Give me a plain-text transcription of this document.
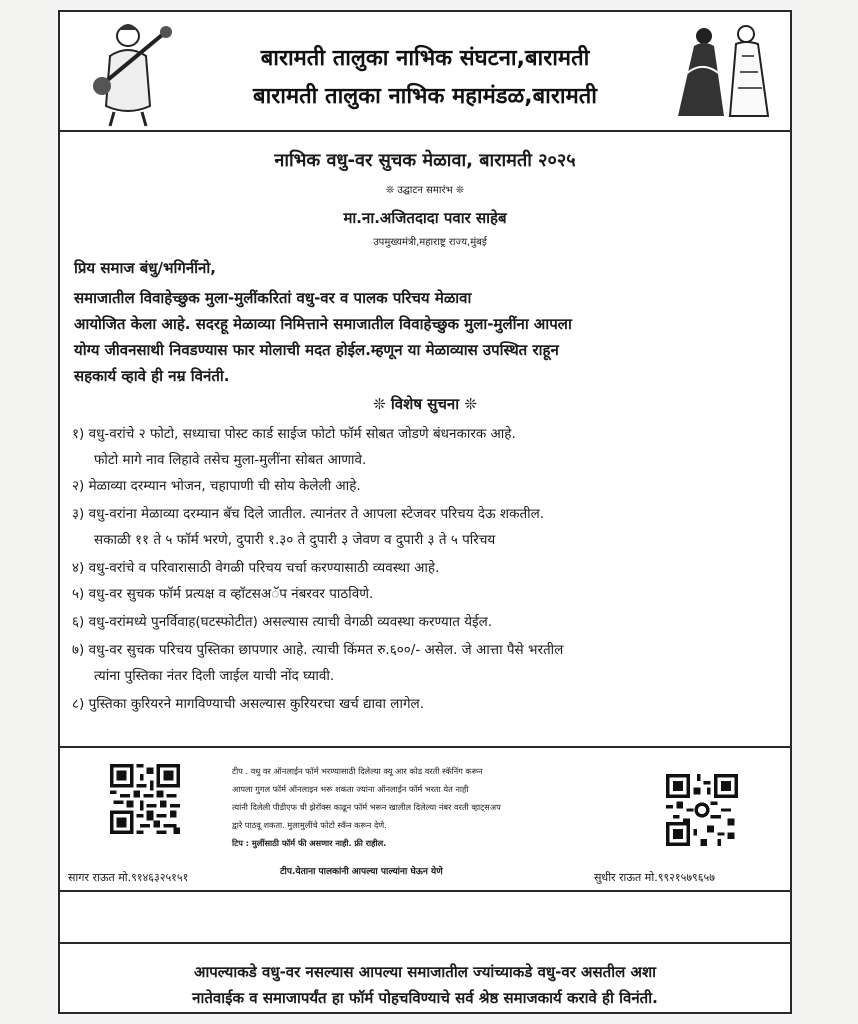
बारामती तालुका नाभिक संघटना,बारामती
बारामती तालुका नाभिक महामंडळ,बारामती
नाभिक वधु-वर सुचक मेळावा, बारामती २०२५
❊ उद्घाटन समारंभ ❊
मा.ना.अजितदादा पवार साहेब
उपमुख्यमंत्री,महाराष्ट्र राज्य,मुंबई
प्रिय समाज बंधु/भगिनींनो,
समाजातील विवाहेच्छुक मुला-मुलींकरितां वधु-वर व पालक परिचय मेळावा
आयोजित केला आहे. सदरहू मेळाव्या निमित्ताने समाजातील विवाहेच्छुक मुला-मुलींना आपला
योग्य जीवनसाथी निवडण्यास फार मोलाची मदत होईल.म्हणून या मेळाव्यास उपस्थित राहून
सहकार्य व्हावे ही नम्र विनंती.
❊ विशेष सुचना ❊
१) वधु-वरांचे २ फोटो, सध्याचा पोस्ट कार्ड साईज फोटो फॉर्म सोबत जोडणे बंधनकारक आहे.
फोटो मागे नाव लिहावे तसेच मुला-मुलींना सोबत आणावे.
२) मेळाव्या दरम्यान भोजन, चहापाणी ची सोय केलेली आहे.
३) वधु-वरांना मेळाव्या दरम्यान बॅच दिले जातील. त्यानंतर ते आपला स्टेजवर परिचय देऊ शकतील.
सकाळी ११ ते ५ फॉर्म भरणे, दुपारी १.३० ते दुपारी ३ जेवण व दुपारी ३ ते ५ परिचय
४) वधु-वरांचे व परिवारासाठी वेगळी परिचय चर्चा करण्यासाठी व्यवस्था आहे.
५) वधु-वर सुचक फॉर्म प्रत्यक्ष व व्हॉटसअॅप नंबरवर पाठविणे.
६) वधु-वरांमध्ये पुनर्विवाह(घटस्फोटीत) असल्यास त्याची वेगळी व्यवस्था करण्यात येईल.
७) वधु-वर सुचक परिचय पुस्तिका छापणार आहे. त्याची किंमत रु.६००/- असेल. जे आत्ता पैसे भरतील
त्यांना पुस्तिका नंतर दिली जाईल याची नोंद घ्यावी.
८) पुस्तिका कुरियरने मागविण्याची असल्यास कुरियरचा खर्च द्यावा लागेल.
टीप . वधु वर ऑनलाईन फॉर्म भरण्यासाठी दिलेल्या क्यू आर कोड वरती स्कॅनिंग करून
आपला गुगल फॉर्म ऑनलाइन भरू शकता ज्यांना ऑनलाईन फॉर्म भरता येत नाही
त्यांनी दिलेली पीडीएफ ची झेरॉक्स काढून फॉर्म भरून खालील दिलेल्या नंबर वरती व्हाट्सअप
द्वारे पाठवू शकता. मुलामुलींचे फोटो स्कॅन करून देणे.
टिप : मुलींसाठी फॉर्म फी असणार नाही. फ्री राहील.
टीप.येताना पालकांनी आपल्या पाल्यांना घेऊन येणे
सागर राऊत मो.९१४६३२५१५१	सुधीर राऊत मो.९९२१५७९६५७
आपल्याकडे वधु-वर नसल्यास आपल्या समाजातील ज्यांच्याकडे वधु-वर असतील अशा
नातेवाईक व समाजापर्यंत हा फॉर्म पोहचविण्याचे सर्व श्रेष्ठ समाजकार्य करावे ही विनंती.
